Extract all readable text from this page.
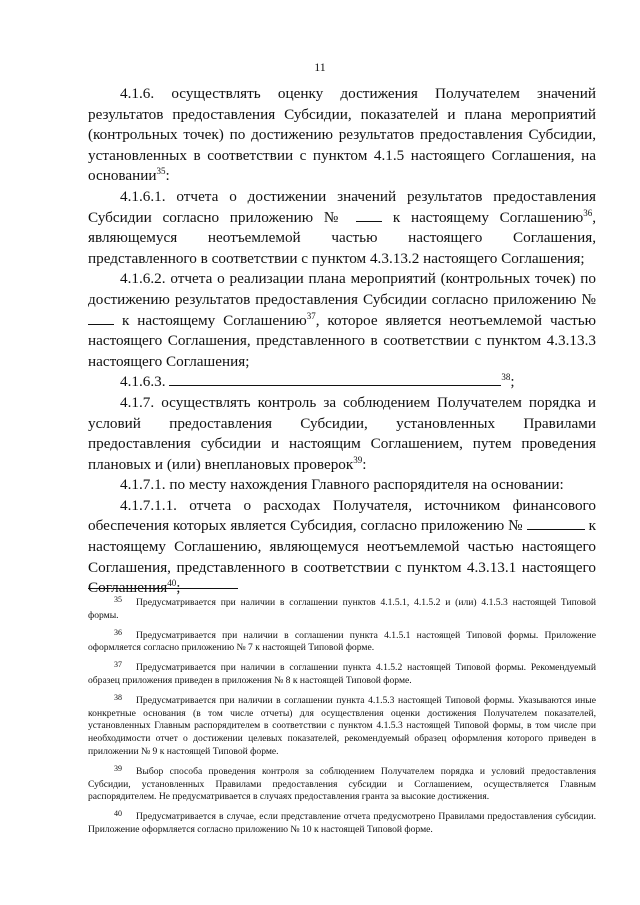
11

4.1.6. осуществлять оценку достижения Получателем значений результатов предоставления Субсидии, показателей и плана мероприятий (контрольных точек) по достижению результатов предоставления Субсидии, установленных в соответствии с пунктом 4.1.5 настоящего Соглашения, на основании$^{35}$:

4.1.6.1. отчета о достижении значений результатов предоставления Субсидии согласно приложению №	к настоящему Соглашению$^{36}$, являющемуся неотъемлемой частью настоящего Соглашения, представленного в соответствии с пунктом 4.3.13.2 настоящего Соглашения;

4.1.6.2. отчета о реализации плана мероприятий (контрольных точек) по достижению результатов предоставления Субсидии согласно приложению №  к настоящему Соглашению$^{37}$, которое является неотъемлемой частью настоящего Соглашения, представленного в соответствии с пунктом 4.3.13.3 настоящего Соглашения;

4.1.6.3.	$^{38}$;

4.1.7. осуществлять контроль за соблюдением Получателем порядка и условий предоставления Субсидии, установленных Правилами предоставления субсидии и настоящим Соглашением, путем проведения плановых и (или) внеплановых проверок$^{39}$:

4.1.7.1. по месту нахождения Главного распорядителя на основании:

4.1.7.1.1. отчета о расходах Получателя, источником финансового обеспечения которых является Субсидия, согласно приложению №	к настоящему Соглашению, являющемуся неотъемлемой частью настоящего Соглашения, представленного в соответствии с пунктом 4.3.13.1 настоящего Соглашения$^{40}$;

35 Предусматривается при наличии в соглашении пунктов 4.1.5.1, 4.1.5.2 и (или) 4.1.5.3 настоящей Типовой формы.

36 Предусматривается при наличии в соглашении пункта 4.1.5.1 настоящей Типовой формы. Приложение оформляется согласно приложению № 7 к настоящей Типовой форме.

37 Предусматривается при наличии в соглашении пункта 4.1.5.2 настоящей Типовой формы. Рекомендуемый образец приложения приведен в приложения № 8 к настоящей Типовой форме.

38 Предусматривается при наличии в соглашении пункта 4.1.5.3 настоящей Типовой формы. Указываются иные конкретные основания (в том числе отчеты) для осуществления оценки достижения Получателем показателей, установленных Главным распорядителем в соответствии с пунктом 4.1.5.3 настоящей Типовой формы, в том числе при необходимости отчет о достижении целевых показателей, рекомендуемый образец оформления которого приведен в приложении № 9 к настоящей Типовой форме.

39 Выбор способа проведения контроля за соблюдением Получателем порядка и условий предоставления Субсидии, установленных Правилами предоставления субсидии и Соглашением, осуществляется Главным распорядителем. Не предусматривается в случаях предоставления гранта за высокие достижения.

40 Предусматривается в случае, если представление отчета предусмотрено Правилами предоставления субсидии. Приложение оформляется согласно приложению № 10 к настоящей Типовой форме.
